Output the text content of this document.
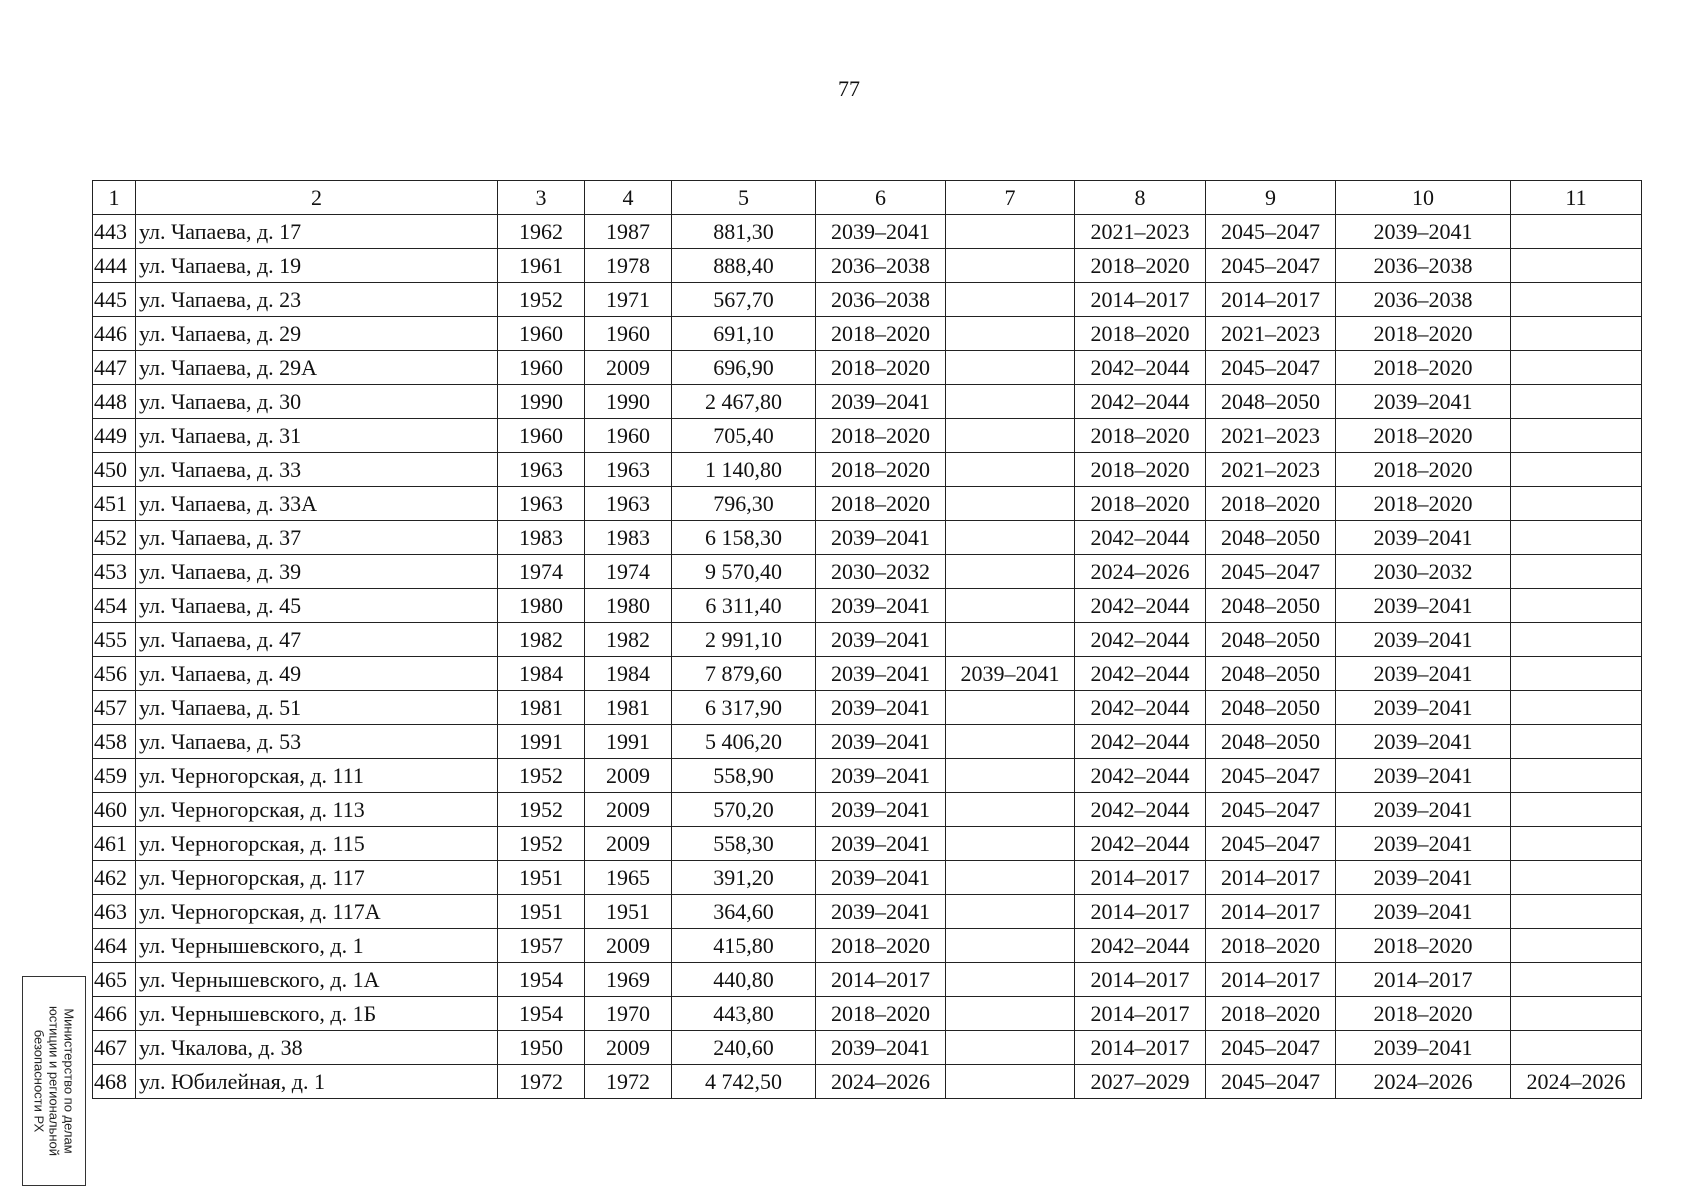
77
1	2	3	4	5	6	7	8	9	10	11
443	ул. Чапаева, д. 17	1962	1987	881,30	2039–2041		2021–2023	2045–2047	2039–2041	
444	ул. Чапаева, д. 19	1961	1978	888,40	2036–2038		2018–2020	2045–2047	2036–2038	
445	ул. Чапаева, д. 23	1952	1971	567,70	2036–2038		2014–2017	2014–2017	2036–2038	
446	ул. Чапаева, д. 29	1960	1960	691,10	2018–2020		2018–2020	2021–2023	2018–2020	
447	ул. Чапаева, д. 29А	1960	2009	696,90	2018–2020		2042–2044	2045–2047	2018–2020	
448	ул. Чапаева, д. 30	1990	1990	2 467,80	2039–2041		2042–2044	2048–2050	2039–2041	
449	ул. Чапаева, д. 31	1960	1960	705,40	2018–2020		2018–2020	2021–2023	2018–2020	
450	ул. Чапаева, д. 33	1963	1963	1 140,80	2018–2020		2018–2020	2021–2023	2018–2020	
451	ул. Чапаева, д. 33А	1963	1963	796,30	2018–2020		2018–2020	2018–2020	2018–2020	
452	ул. Чапаева, д. 37	1983	1983	6 158,30	2039–2041		2042–2044	2048–2050	2039–2041	
453	ул. Чапаева, д. 39	1974	1974	9 570,40	2030–2032		2024–2026	2045–2047	2030–2032	
454	ул. Чапаева, д. 45	1980	1980	6 311,40	2039–2041		2042–2044	2048–2050	2039–2041	
455	ул. Чапаева, д. 47	1982	1982	2 991,10	2039–2041		2042–2044	2048–2050	2039–2041	
456	ул. Чапаева, д. 49	1984	1984	7 879,60	2039–2041	2039–2041	2042–2044	2048–2050	2039–2041	
457	ул. Чапаева, д. 51	1981	1981	6 317,90	2039–2041		2042–2044	2048–2050	2039–2041	
458	ул. Чапаева, д. 53	1991	1991	5 406,20	2039–2041		2042–2044	2048–2050	2039–2041	
459	ул. Черногорская, д. 111	1952	2009	558,90	2039–2041		2042–2044	2045–2047	2039–2041	
460	ул. Черногорская, д. 113	1952	2009	570,20	2039–2041		2042–2044	2045–2047	2039–2041	
461	ул. Черногорская, д. 115	1952	2009	558,30	2039–2041		2042–2044	2045–2047	2039–2041	
462	ул. Черногорская, д. 117	1951	1965	391,20	2039–2041		2014–2017	2014–2017	2039–2041	
463	ул. Черногорская, д. 117А	1951	1951	364,60	2039–2041		2014–2017	2014–2017	2039–2041	
464	ул. Чернышевского, д. 1	1957	2009	415,80	2018–2020		2042–2044	2018–2020	2018–2020	
465	ул. Чернышевского, д. 1А	1954	1969	440,80	2014–2017		2014–2017	2014–2017	2014–2017	
466	ул. Чернышевского, д. 1Б	1954	1970	443,80	2018–2020		2014–2017	2018–2020	2018–2020	
467	ул. Чкалова, д. 38	1950	2009	240,60	2039–2041		2014–2017	2045–2047	2039–2041	
468	ул. Юбилейная, д. 1	1972	1972	4 742,50	2024–2026		2027–2029	2045–2047	2024–2026	2024–2026
Министерство по делам
юстиции и региональной
безопасности РХ
